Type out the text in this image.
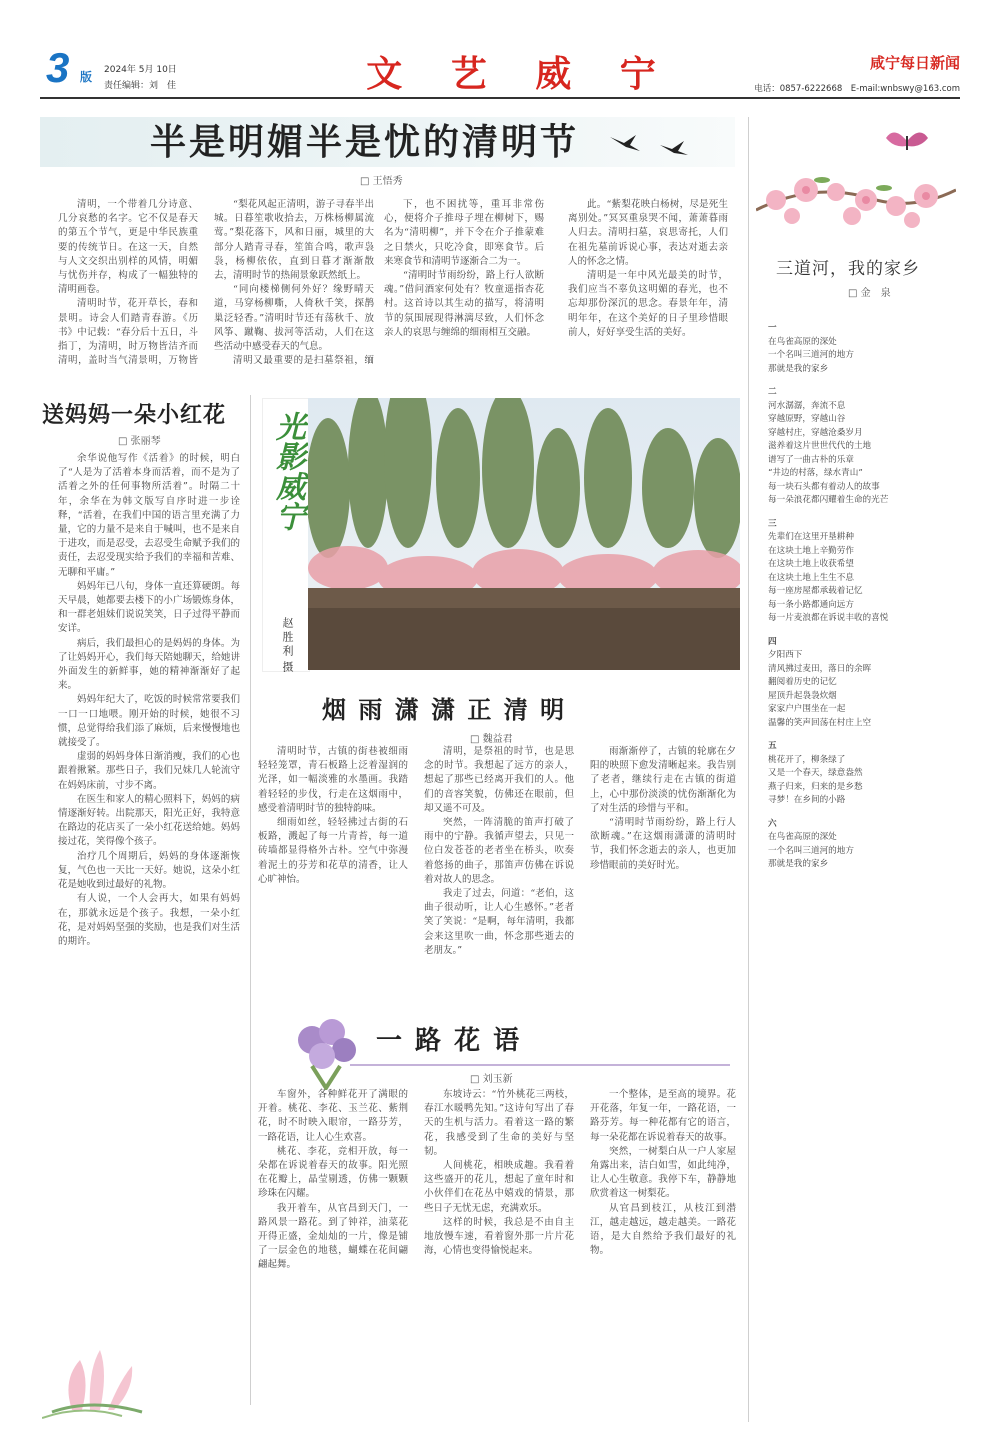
3 版 2024年 5月 10日
责任编辑：刘　佳	文 艺 威 宁	咸宁每日新闻
电话：0857-6222668　E-mail:wnbswy@163.com
半是明媚半是忧的清明节
□ 王悟秀

清明，一个带着几分诗意、几分哀愁的名字。它不仅是春天的第五个节气，更是中华民族重要的传统节日。在这一天，自然与人文交织出别样的风情，明媚与忧伤并存，构成了一幅独特的清明画卷。

清明时节，花开草长，春和景明。诗会人们踏青春游。《历书》中记载：“春分后十五日，斗指丁，为清明，时万物皆洁齐而清明，盖时当气清景明，万物皆

“梨花风起正清明，游子寻春半出城。日暮笙歌收拾去，万株杨柳属流莺。”梨花落下，风和日丽，城里的大部分人踏青寻春，笙笛合鸣，歌声袅袅，杨柳依依，直到日暮才渐渐散去，清明时节的热闹景象跃然纸上。

“同向楼梯侧何外好？缘野晴天道，马穿杨柳嘶，人倚秋千笑，探鹊巢泛轻香。”清明时节还有荡秋千、放风筝、蹴鞠、拔河等活动，人们在这些活动中感受春天的气息。

清明又最重要的是扫墓祭祖，缅

下，也不困扰等，重耳非常伤心，便将介子推母子埋在柳树下，赐名为“清明柳”，并下令在介子推蒙难之日禁火，只吃冷食，即寒食节。后来寒食节和清明节逐渐合二为一。

“清明时节雨纷纷，路上行人欲断魂。”借问酒家何处有？牧童遥指杏花村。这首诗以其生动的描写，将清明节的氛围展现得淋漓尽致，人们怀念亲人的哀思与缠绵的细雨相互交融。

此。“紫梨花映白杨树，尽是死生离别处。”冥冥重泉哭不闻，萧萧暮雨人归去。清明扫墓，哀思寄托，人们在祖先墓前诉说心事，表达对逝去亲人的怀念之情。

清明是一年中风光最美的时节，我们应当不辜负这明媚的春光，也不忘却那份深沉的思念。春景年年，清明年年，在这个美好的日子里珍惜眼前人，好好享受生活的美好。

送妈妈一朵小红花
□ 张丽琴

余华说他写作《活着》的时候，明白了“人是为了活着本身而活着，而不是为了活着之外的任何事物所活着”。时隔二十年，余华在为韩文版写自序时进一步诠释，“活着，在我们中国的语言里充满了力量，它的力量不是来自于喊叫，也不是来自于进攻，而是忍受，去忍受生命赋予我们的责任，去忍受现实给予我们的幸福和苦难、无聊和平庸。”

妈妈年已八旬，身体一直还算硬朗。每天早晨，她都要去楼下的小广场锻炼身体，和一群老姐妹们说说笑笑，日子过得平静而安详。

病后，我们最担心的是妈妈的身体。为了让妈妈开心，我们每天陪她聊天，给她讲外面发生的新鲜事，她的精神渐渐好了起来。

妈妈年纪大了，吃饭的时候常常要我们一口一口地喂。刚开始的时候，她很不习惯，总觉得给我们添了麻烦，后来慢慢地也就接受了。

虚弱的妈妈身体日渐消瘦，我们的心也跟着揪紧。那些日子，我们兄妹几人轮流守在妈妈床前，寸步不离。

在医生和家人的精心照料下，妈妈的病情逐渐好转。出院那天，阳光正好，我特意在路边的花店买了一朵小红花送给她。妈妈接过花，笑得像个孩子。

治疗几个周期后，妈妈的身体逐渐恢复，气色也一天比一天好。她说，这朵小红花是她收到过最好的礼物。

有人说，一个人会再大，如果有妈妈在，那就永远是个孩子。我想，一朵小红花，是对妈妈坚强的奖励，也是我们对生活的期许。

光影威宁
赵胜利
摄
烟 雨 潇 潇 正 清 明
□ 魏益君

清明时节，古镇的街巷被细雨轻轻笼罩，青石板路上泛着湿润的光泽，如一幅淡雅的水墨画。我踏着轻轻的步伐，行走在这烟雨中，感受着清明时节的独特韵味。

细雨如丝，轻轻拂过古街的石板路，溅起了每一片青苔，每一道砖墙都显得格外古朴。空气中弥漫着泥土的芬芳和花草的清香，让人心旷神怡。

清明，是祭祖的时节，也是思念的时节。我想起了远方的亲人，想起了那些已经离开我们的人。他们的音容笑貌，仿佛还在眼前，但却又遥不可及。

突然，一阵清脆的笛声打破了雨中的宁静。我循声望去，只见一位白发苍苍的老者坐在桥头，吹奏着悠扬的曲子，那笛声仿佛在诉说着对故人的思念。

我走了过去，问道：“老伯，这曲子很动听，让人心生感怀。”老者笑了笑说：“是啊，每年清明，我都会来这里吹一曲，怀念那些逝去的老朋友。”

雨渐渐停了，古镇的轮廓在夕阳的映照下愈发清晰起来。我告别了老者，继续行走在古镇的街道上，心中那份淡淡的忧伤渐渐化为了对生活的珍惜与平和。

“清明时节雨纷纷，路上行人欲断魂。”在这烟雨潇潇的清明时节，我们怀念逝去的亲人，也更加珍惜眼前的美好时光。

一 路 花 语
□ 刘玉新

车窗外，各种鲜花开了满眼的开着。桃花、李花、玉兰花、紫荆花，时不时映入眼帘，一路芬芳，一路花语，让人心生欢喜。

桃花、李花，竞相开放，每一朵都在诉说着春天的故事。阳光照在花瓣上，晶莹剔透，仿佛一颗颗珍珠在闪耀。

我开着车，从官昌到天门，一路风景一路花。到了钟祥，油菜花开得正盛，金灿灿的一片，像是铺了一层金色的地毯，蝴蝶在花间翩翩起舞。

东坡诗云：“竹外桃花三两枝，春江水暖鸭先知。”这诗句写出了春天的生机与活力。看着这一路的繁花，我感受到了生命的美好与坚韧。

人间桃花，相映成趣。我看着这些盛开的花儿，想起了童年时和小伙伴们在花丛中嬉戏的情景，那些日子无忧无虑，充满欢乐。

这样的时候，我总是不由自主地放慢车速，看着窗外那一片片花海，心情也变得愉悦起来。

一个整体，是至高的境界。花开花落，年复一年，一路花语，一路芬芳。每一种花都有它的语言，每一朵花都在诉说着春天的故事。

突然，一树梨白从一户人家屋角露出来，洁白如雪，如此纯净，让人心生敬意。我停下车，静静地欣赏着这一树梨花。

从官昌到枝江，从枝江到潜江，越走越远，越走越美。一路花语，是大自然给予我们最好的礼物。

三道河，我的家乡
□ 金　泉
一
在鸟雀高原的深处
一个名叫三道河的地方
那就是我的家乡
二
河水潺潺，奔流不息
穿越原野，穿越山谷
穿越村庄，穿越沧桑岁月
滋养着这片世世代代的土地
谱写了一曲古朴的乐章
“井边的村落，绿水青山”
每一块石头都有着动人的故事
每一朵浪花都闪耀着生命的光芒
三
先辈们在这里开垦耕种
在这块土地上辛勤劳作
在这块土地上收获希望
在这块土地上生生不息
每一座房屋都承载着记忆
每一条小路都通向远方
每一片麦浪都在诉说丰收的喜悦
四
夕阳西下
清风拂过麦田，落日的余晖
翻阅着历史的记忆
屋顶升起袅袅炊烟
家家户户围坐在一起
温馨的笑声回荡在村庄上空
五
桃花开了，柳条绿了
又是一个春天，绿意盎然
燕子归来，归来的是乡愁
寻梦！在乡间的小路
六
在鸟雀高原的深处
一个名叫三道河的地方
那就是我的家乡
